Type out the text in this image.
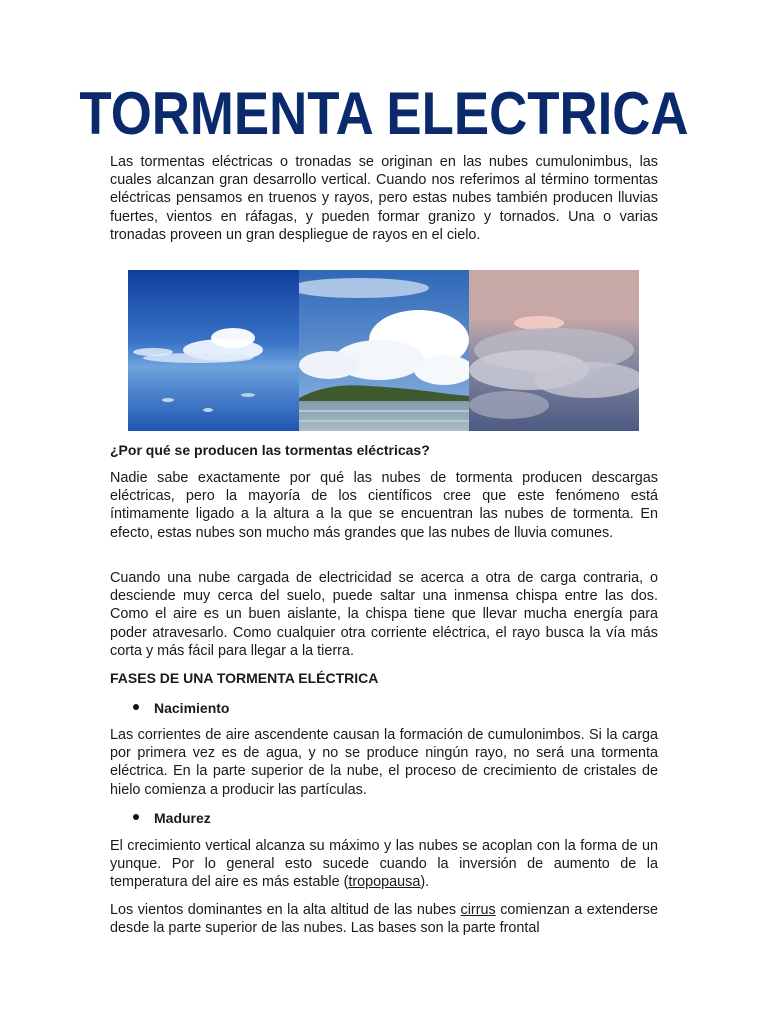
TORMENTA ELECTRICA

Las tormentas eléctricas o tronadas se originan en las nubes cumulonimbus, las cuales alcanzan gran desarrollo vertical. Cuando nos referimos al término tormentas eléctricas pensamos en truenos y rayos, pero estas nubes también producen lluvias fuertes, vientos en ráfagas, y pueden formar granizo y tornados. Una o varias tronadas proveen un gran despliegue de rayos en el cielo.

¿Por qué se producen las tormentas eléctricas?

Nadie sabe exactamente por qué las nubes de tormenta producen descargas eléctricas, pero la mayoría de los científicos cree que este fenómeno está íntimamente ligado a la altura a la que se encuentran las nubes de tormenta. En efecto, estas nubes son mucho más grandes que las nubes de lluvia comunes.

Cuando una nube cargada de electricidad se acerca a otra de carga contraria, o desciende muy cerca del suelo, puede saltar una inmensa chispa entre las dos. Como el aire es un buen aislante, la chispa tiene que llevar mucha energía para poder atravesarlo. Como cualquier otra corriente eléctrica, el rayo busca la vía más corta y más fácil para llegar a la tierra.

FASES DE UNA TORMENTA ELÉCTRICA
Nacimiento

Las corrientes de aire ascendente causan la formación de cumulonimbos. Si la carga por primera vez es de agua, y no se produce ningún rayo, no será una tormenta eléctrica. En la parte superior de la nube, el proceso de crecimiento de cristales de hielo comienza a producir las partículas.

Madurez

El crecimiento vertical alcanza su máximo y las nubes se acoplan con la forma de un yunque. Por lo general esto sucede cuando la inversión de aumento de la temperatura del aire es más estable (tropopausa).

Los vientos dominantes en la alta altitud de las nubes cirrus comienzan a extenderse desde la parte superior de las nubes. Las bases son la parte frontal
